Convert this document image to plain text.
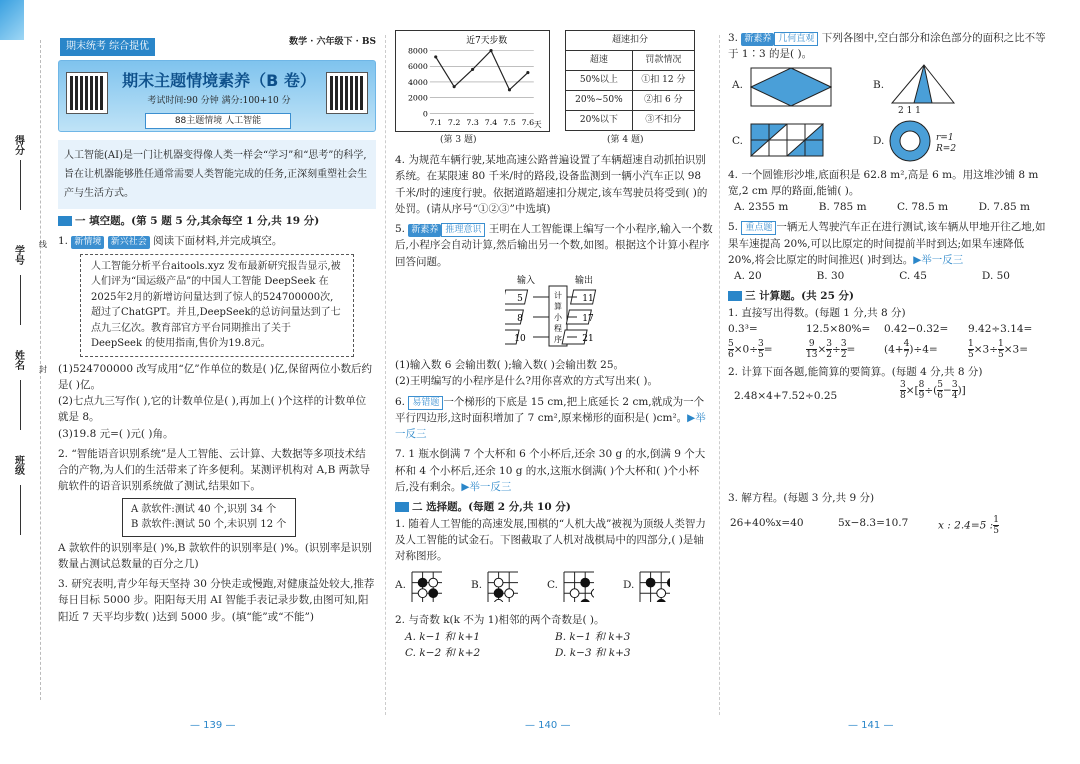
得分
学号
姓名
班级
线
封
期末统考 综合提优	数学 · 六年级下 · BS
期末主题情境素养（B 卷）
考试时间:90 分钟 满分:100+10 分
88主题情境 人工智能
人工智能(AI)是一门让机器变得像人类一样会“学习”和“思考”的科学,旨在让机器能够胜任通常需要人类智能完成的任务,正深刻重塑社会生产与生活方式。
一 填空题。(第 5 题 5 分,其余每空 1 分,共 19 分)

1. 新情境 新兴社会 阅读下面材料,并完成填空。

人工智能分析平台aitools.xyz 发布最新研究报告显示,被人们评为“国运级产品”的中国人工智能 DeepSeek 在2025年2月的新增访问量达到了惊人的524700000次,超过了ChatGPT。并且,DeepSeek的总访问量达到了七点九三亿次。教育部官方平台同期推出了关于 DeepSeek 的使用指南,售价为19.8元。

(1)524700000 改写成用“亿”作单位的数是( )亿,保留两位小数后约是( )亿。

(2)七点九三写作( ),它的计数单位是( ),再加上( )个这样的计数单位就是 8。

(3)19.8 元=( )元( )角。

2. “智能语音识别系统”是人工智能、云计算、大数据等多项技术结合的产物,为人们的生活带来了许多便利。某测评机构对 A,B 两款导航软件的语音识别系统做了测试,结果如下。

A 款软件:测试 40 个,识别 34 个

B 款软件:测试 50 个,未识别 12 个

A 款软件的识别率是( )%,B 款软件的识别率是( )%。(识别率是识别数量占测试总数量的百分之几)

3. 研究表明,青少年每天坚持 30 分快走或慢跑,对健康益处较大,推荐每日目标 5000 步。阳阳每天用 AI 智能手表记录步数,由图可知,阳阳近 7 天平均步数( )达到 5000 步。(填“能”或“不能”)

— 139 —
近7天步数
8000
6000
4000
2000
0
7.1 7.2 7.3 7.4 7.5 7.6 天
超速扣分	
超速	罚款情况
50%以上	①扣 12 分
20%~50%	②扣 6 分
20%以下	③不扣分
(第 3 题)	(第 4 题)

4. 为规范车辆行驶,某地高速公路普遍设置了车辆超速自动抓拍识别系统。在某限速 80 千米/时的路段,设备监测到一辆小汽车正以 98 千米/时的速度行驶。依据道路超速扣分规定,该车驾驶员将受到( )的处罚。(请从序号“①②③”中选填)

5. 新素养 推理意识 王明在人工智能课上编写一个小程序,输入一个数后,小程序会自动计算,然后输出另一个数,如图。根据这个计算小程序回答问题。

输入	输出
计
算
小
程
序
5	11
8	17
10	21

(1)输入数 6 会输出数( );输入数( )会输出数 25。

(2)王明编写的小程序是什么?用你喜欢的方式写出来( )。

6. 易错题 一个梯形的下底是 15 cm,把上底延长 2 cm,就成为一个平行四边形,这时面积增加了 7 cm²,原来梯形的面积是( )cm²。▶举一反三

7. 1 瓶水倒满 7 个大杯和 6 个小杯后,还余 30 g 的水,倒满 9 个大杯和 4 个小杯后,还余 10 g 的水,这瓶水倒满( )个大杯和( )个小杯后,没有剩余。▶举一反三

二 选择题。(每题 2 分,共 10 分)

1. 随着人工智能的高速发展,围棋的“人机大战”被视为顶级人类智力及人工智能的试金石。下图截取了人机对战棋局中的四部分,( )是轴对称图形。

A.	B.	C.	D.

2. 与奇数 k(k 不为 1)相邻的两个奇数是( )。

A. k−1 和 k+1	B. k−1 和 k+3
C. k−2 和 k+2	D. k−3 和 k+3
— 140 —

3. 新素养 几何直观 下列各图中,空白部分和涂色部分的面积之比不等于 1∶3 的是( )。

A.	B.
2 1 1
C.	D.	r=1 R=2

4. 一个圆锥形沙堆,底面积是 62.8 m²,高是 6 m。用这堆沙铺 8 m 宽,2 cm 厚的路面,能铺( )。

A. 2355 m	B. 785 m	C. 78.5 m	D. 7.85 m

5. 重点题 一辆无人驾驶汽车正在进行测试,该车辆从甲地开往乙地,如果车速提高 20%,可以比原定的时间提前半时到达;如果车速降低 20%,将会比原定的时间推迟( )时到达。▶举一反三

A. 20	B. 30	C. 45	D. 50
三 计算题。(共 25 分)

1. 直接写出得数。(每题 1 分,共 8 分)

0.3³=	12.5×80%=	0.42−0.32=	9.42÷3.14=
$\frac{5}{6} \times 0\div \frac{3}{5}$ =	$\frac{9}{13} \times \frac{3}{2} \div \frac{3}{2}$ =	$(4+ \frac{4}{7} )\div 4=$	$\frac{1}{5} \times 3\div \frac{1}{5} \times 3=$

2. 计算下面各题,能简算的要简算。(每题 4 分,共 8 分)

2.48×4+7.52÷0.25	$\frac{3}{8}$ ×[ $\frac{8}{9}$ ÷( $\frac{5}{6} - \frac{3}{4}$ )]

3. 解方程。(每题 3 分,共 9 分)

26+40%x=40	5x−8.3=10.7	x : 2.4=5 : $\frac{1}{5}$
— 141 —
